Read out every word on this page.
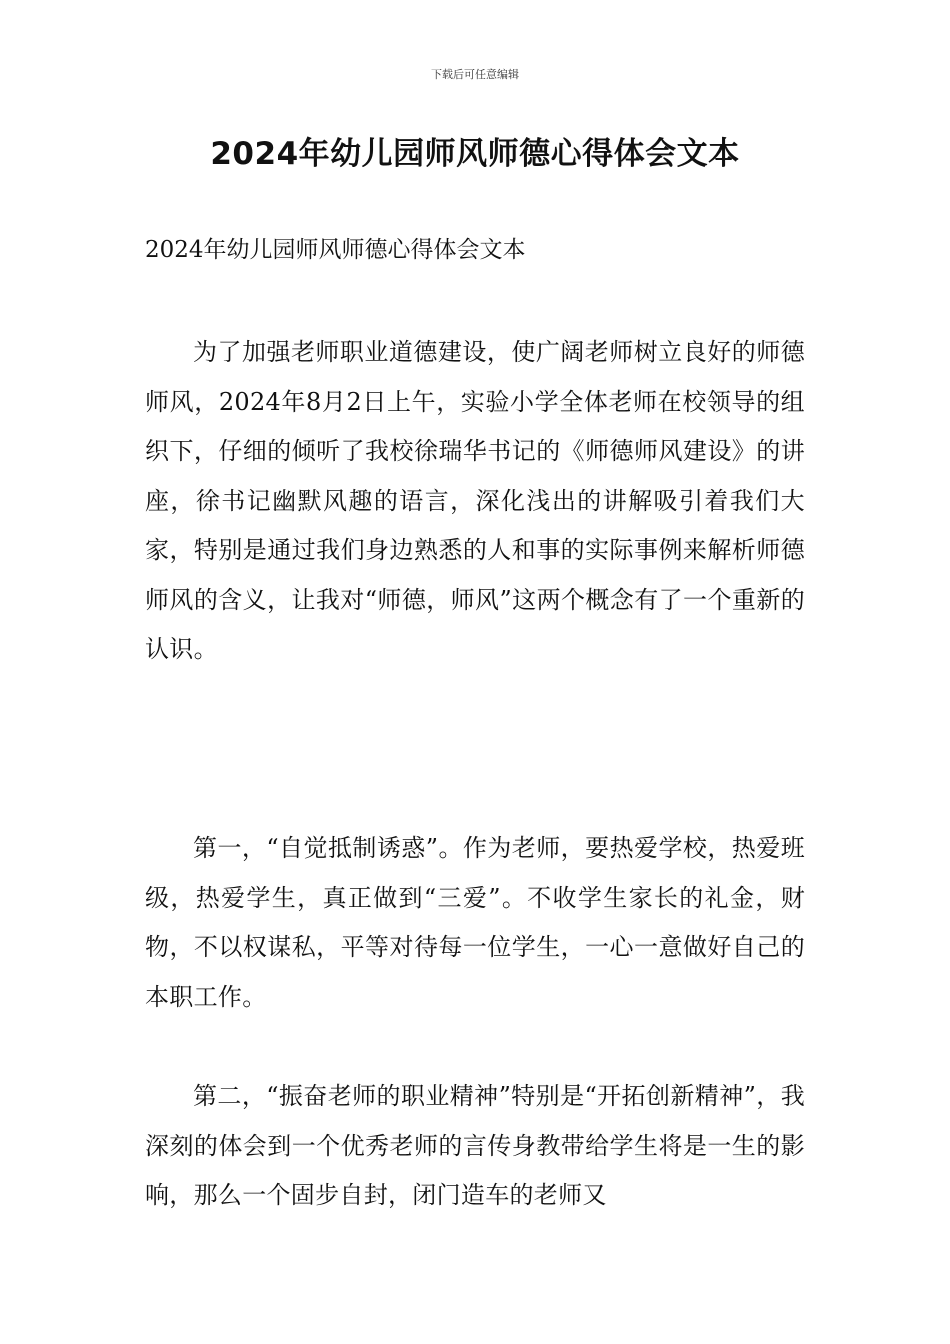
下载后可任意编辑
2024年幼儿园师风师德心得体会文本

2024年幼儿园师风师德心得体会文本

为了加强老师职业道德建设，使广阔老师树立良好的师德师风，2024年8月2日上午，实验小学全体老师在校领导的组织下，仔细的倾听了我校徐瑞华书记的《师德师风建设》的讲座，徐书记幽默风趣的语言，深化浅出的讲解吸引着我们大家，特别是通过我们身边熟悉的人和事的实际事例来解析师德师风的含义，让我对“师德，师风”这两个概念有了一个重新的认识。

第一，“自觉抵制诱惑”。作为老师，要热爱学校，热爱班级，热爱学生，真正做到“三爱”。不收学生家长的礼金，财物，不以权谋私，平等对待每一位学生，一心一意做好自己的本职工作。

第二，“振奋老师的职业精神”特别是“开拓创新精神”，我深刻的体会到一个优秀老师的言传身教带给学生将是一生的影响，那么一个固步自封，闭门造车的老师又
